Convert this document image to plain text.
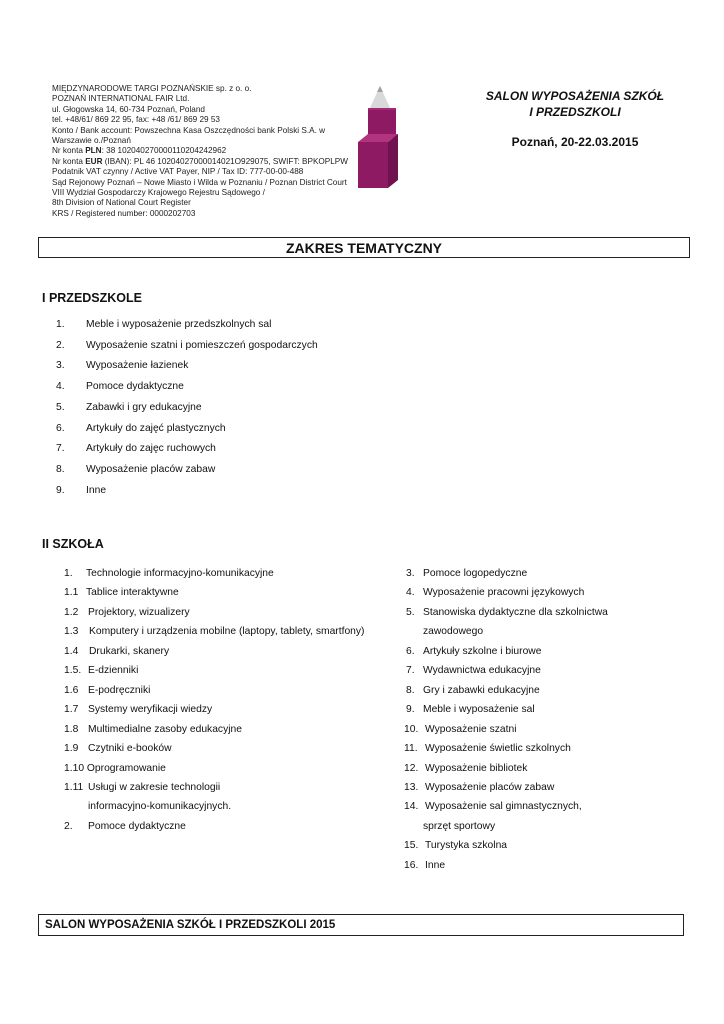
MIĘDZYNARODOWE TARGI POZNAŃSKIE sp. z o. o.
POZNAŃ INTERNATIONAL FAIR Ltd.
ul. Głogowska 14, 60-734 Poznań, Poland
tel. +48/61/ 869 22 95, fax: +48 /61/ 869 29 53
Konto / Bank account: Powszechna Kasa Oszczędności bank Polski S.A. w
Warszawie o./Poznań
Nr konta PLN: 38 102040270000110204242962
Nr konta EUR (IBAN): PL 46 10204027000014021O929075, SWIFT: BPKOPLPW
Podatnik VAT czynny / Active VAT Payer, NIP / Tax ID: 777-00-00-488
Sąd Rejonowy Poznań – Nowe Miasto i Wilda w Poznaniu / Poznan District Court
VIII Wydział Gospodarczy Krajowego Rejestru Sądowego /
8th Division of National Court Register
KRS / Registered number: 0000202703
SALON WYPOSAŻENIA SZKÓŁ
I PRZEDSZKOLI
Poznań, 20-22.03.2015
ZAKRES TEMATYCZNY
I PRZEDSZKOLE
1.	Meble i wyposażenie przedszkolnych sal
2.	Wyposażenie szatni i pomieszczeń gospodarczych
3.	Wyposażenie łazienek
4.	Pomoce dydaktyczne
5.	Zabawki i gry edukacyjne
6.	Artykuły do zajęć plastycznych
7.	Artykuły do zajęc ruchowych
8.	Wyposażenie placów zabaw
9.	Inne
II SZKOŁA
1. Technologie informacyjno-komunikacyjne
1.1 Tablice interaktywne
1.2 Projektory, wizualizery
1.3 Komputery i urządzenia mobilne (laptopy, tablety, smartfony)
1.4 Drukarki, skanery
1.5. E-dzienniki
1.6 E-podręczniki
1.7 Systemy weryfikacji wiedzy
1.8 Multimedialne zasoby edukacyjne
1.9 Czytniki e-booków
1.10 Oprogramowanie
1.11 Usługi w zakresie technologii
informacyjno-komunikacyjnych.
2. Pomoce dydaktyczne
3. Pomoce logopedyczne
4. Wyposażenie pracowni językowych
5. Stanowiska dydaktyczne dla szkolnictwa
zawodowego
6. Artykuły szkolne i biurowe
7. Wydawnictwa edukacyjne
8. Gry i zabawki edukacyjne
9. Meble i wyposażenie sal
10. Wyposażenie szatni
11. Wyposażenie świetlic szkolnych
12. Wyposażenie bibliotek
13. Wyposażenie placów zabaw
14. Wyposażenie sal gimnastycznych,
sprzęt sportowy
15. Turystyka szkolna
16. Inne
SALON WYPOSAŻENIA SZKÓŁ I PRZEDSZKOLI 2015
